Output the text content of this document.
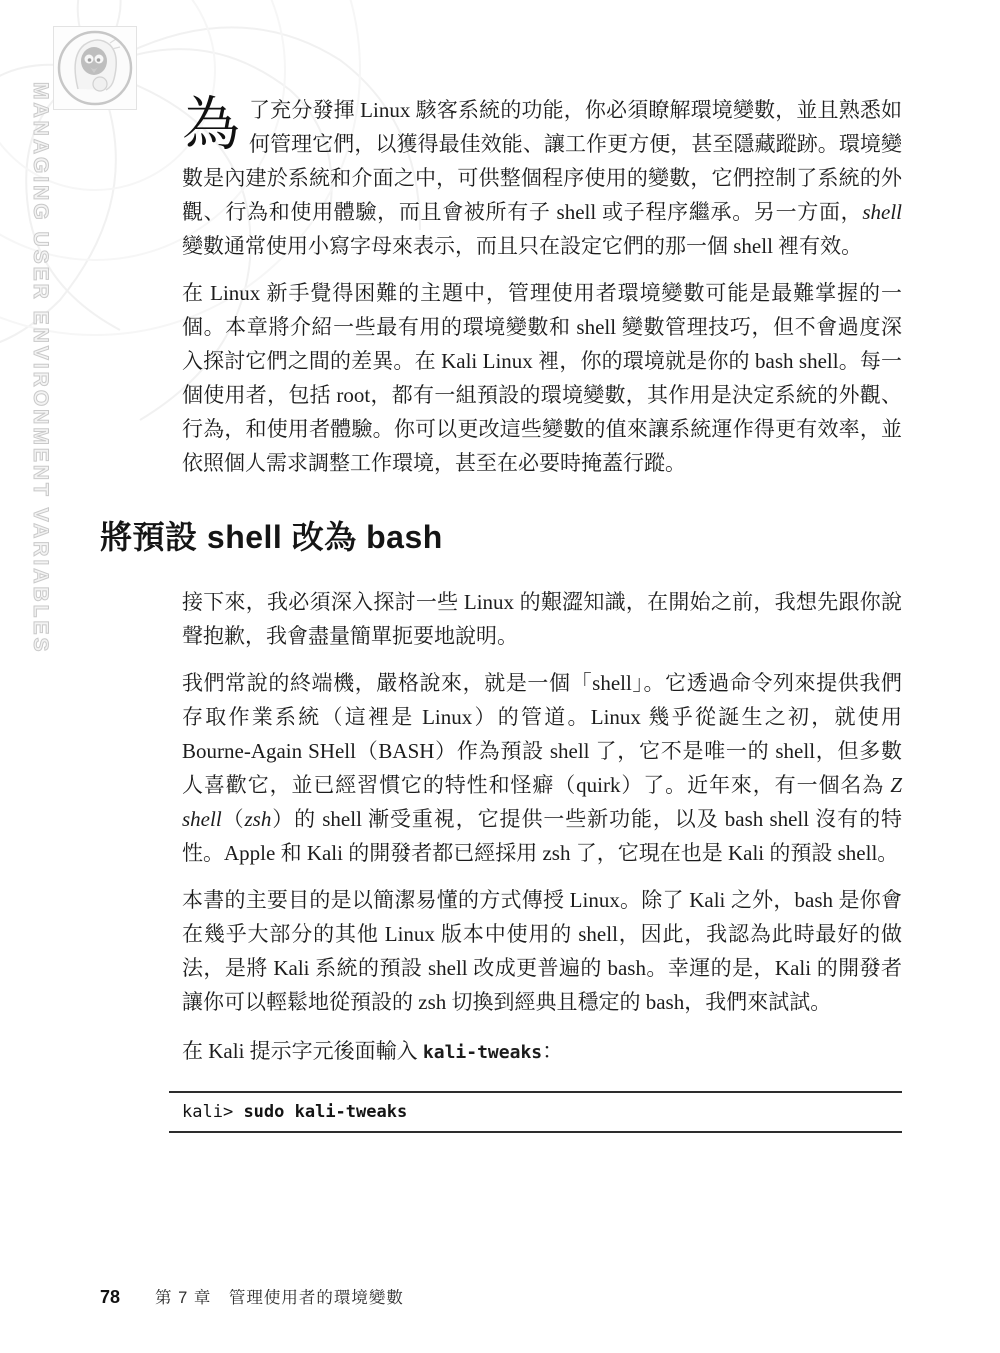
MANAGING USER ENVIRONMENT VARIABLES 為了充分發揮 Linux 駭客系統的功能，你必須瞭解環境變數，並且熟悉如何管理它們，以獲得最佳效能、讓工作更方便，甚至隱藏蹤跡。環境變數是內建於系統和介面之中，可供整個程序使用的變數，它們控制了系統的外觀、行為和使用體驗，而且會被所有子 shell 或子程序繼承。另一方面，shell 變數通常使用小寫字母來表示，而且只在設定它們的那一個 shell 裡有效。

在 Linux 新手覺得困難的主題中，管理使用者環境變數可能是最難掌握的一個。本章將介紹一些最有用的環境變數和 shell 變數管理技巧，但不會過度深入探討它們之間的差異。在 Kali Linux 裡，你的環境就是你的 bash shell。每一個使用者，包括 root，都有一組預設的環境變數，其作用是決定系統的外觀、行為，和使用者體驗。你可以更改這些變數的值來讓系統運作得更有效率，並依照個人需求調整工作環境，甚至在必要時掩蓋行蹤。

將預設 shell 改為 bash

接下來，我必須深入探討一些 Linux 的艱澀知識，在開始之前，我想先跟你說聲抱歉，我會盡量簡單扼要地說明。

我們常說的終端機，嚴格說來，就是一個「shell」。它透過命令列來提供我們存取作業系統（這裡是 Linux）的管道。Linux 幾乎從誕生之初，就使用 Bourne-Again SHell（BASH）作為預設 shell 了，它不是唯一的 shell，但多數人喜歡它，並已經習慣它的特性和怪癖（quirk）了。近年來，有一個名為 Z shell（zsh）的 shell 漸受重視，它提供一些新功能，以及 bash shell 沒有的特性。Apple 和 Kali 的開發者都已經採用 zsh 了，它現在也是 Kali 的預設 shell。

本書的主要目的是以簡潔易懂的方式傳授 Linux。除了 Kali 之外，bash 是你會在幾乎大部分的其他 Linux 版本中使用的 shell，因此，我認為此時最好的做法，是將 Kali 系統的預設 shell 改成更普遍的 bash。幸運的是，Kali 的開發者讓你可以輕鬆地從預設的 zsh 切換到經典且穩定的 bash，我們來試試。

在 Kali 提示字元後面輸入 kali-tweaks：

kali> sudo kali-tweaks
78 第 7 章　管理使用者的環境變數
